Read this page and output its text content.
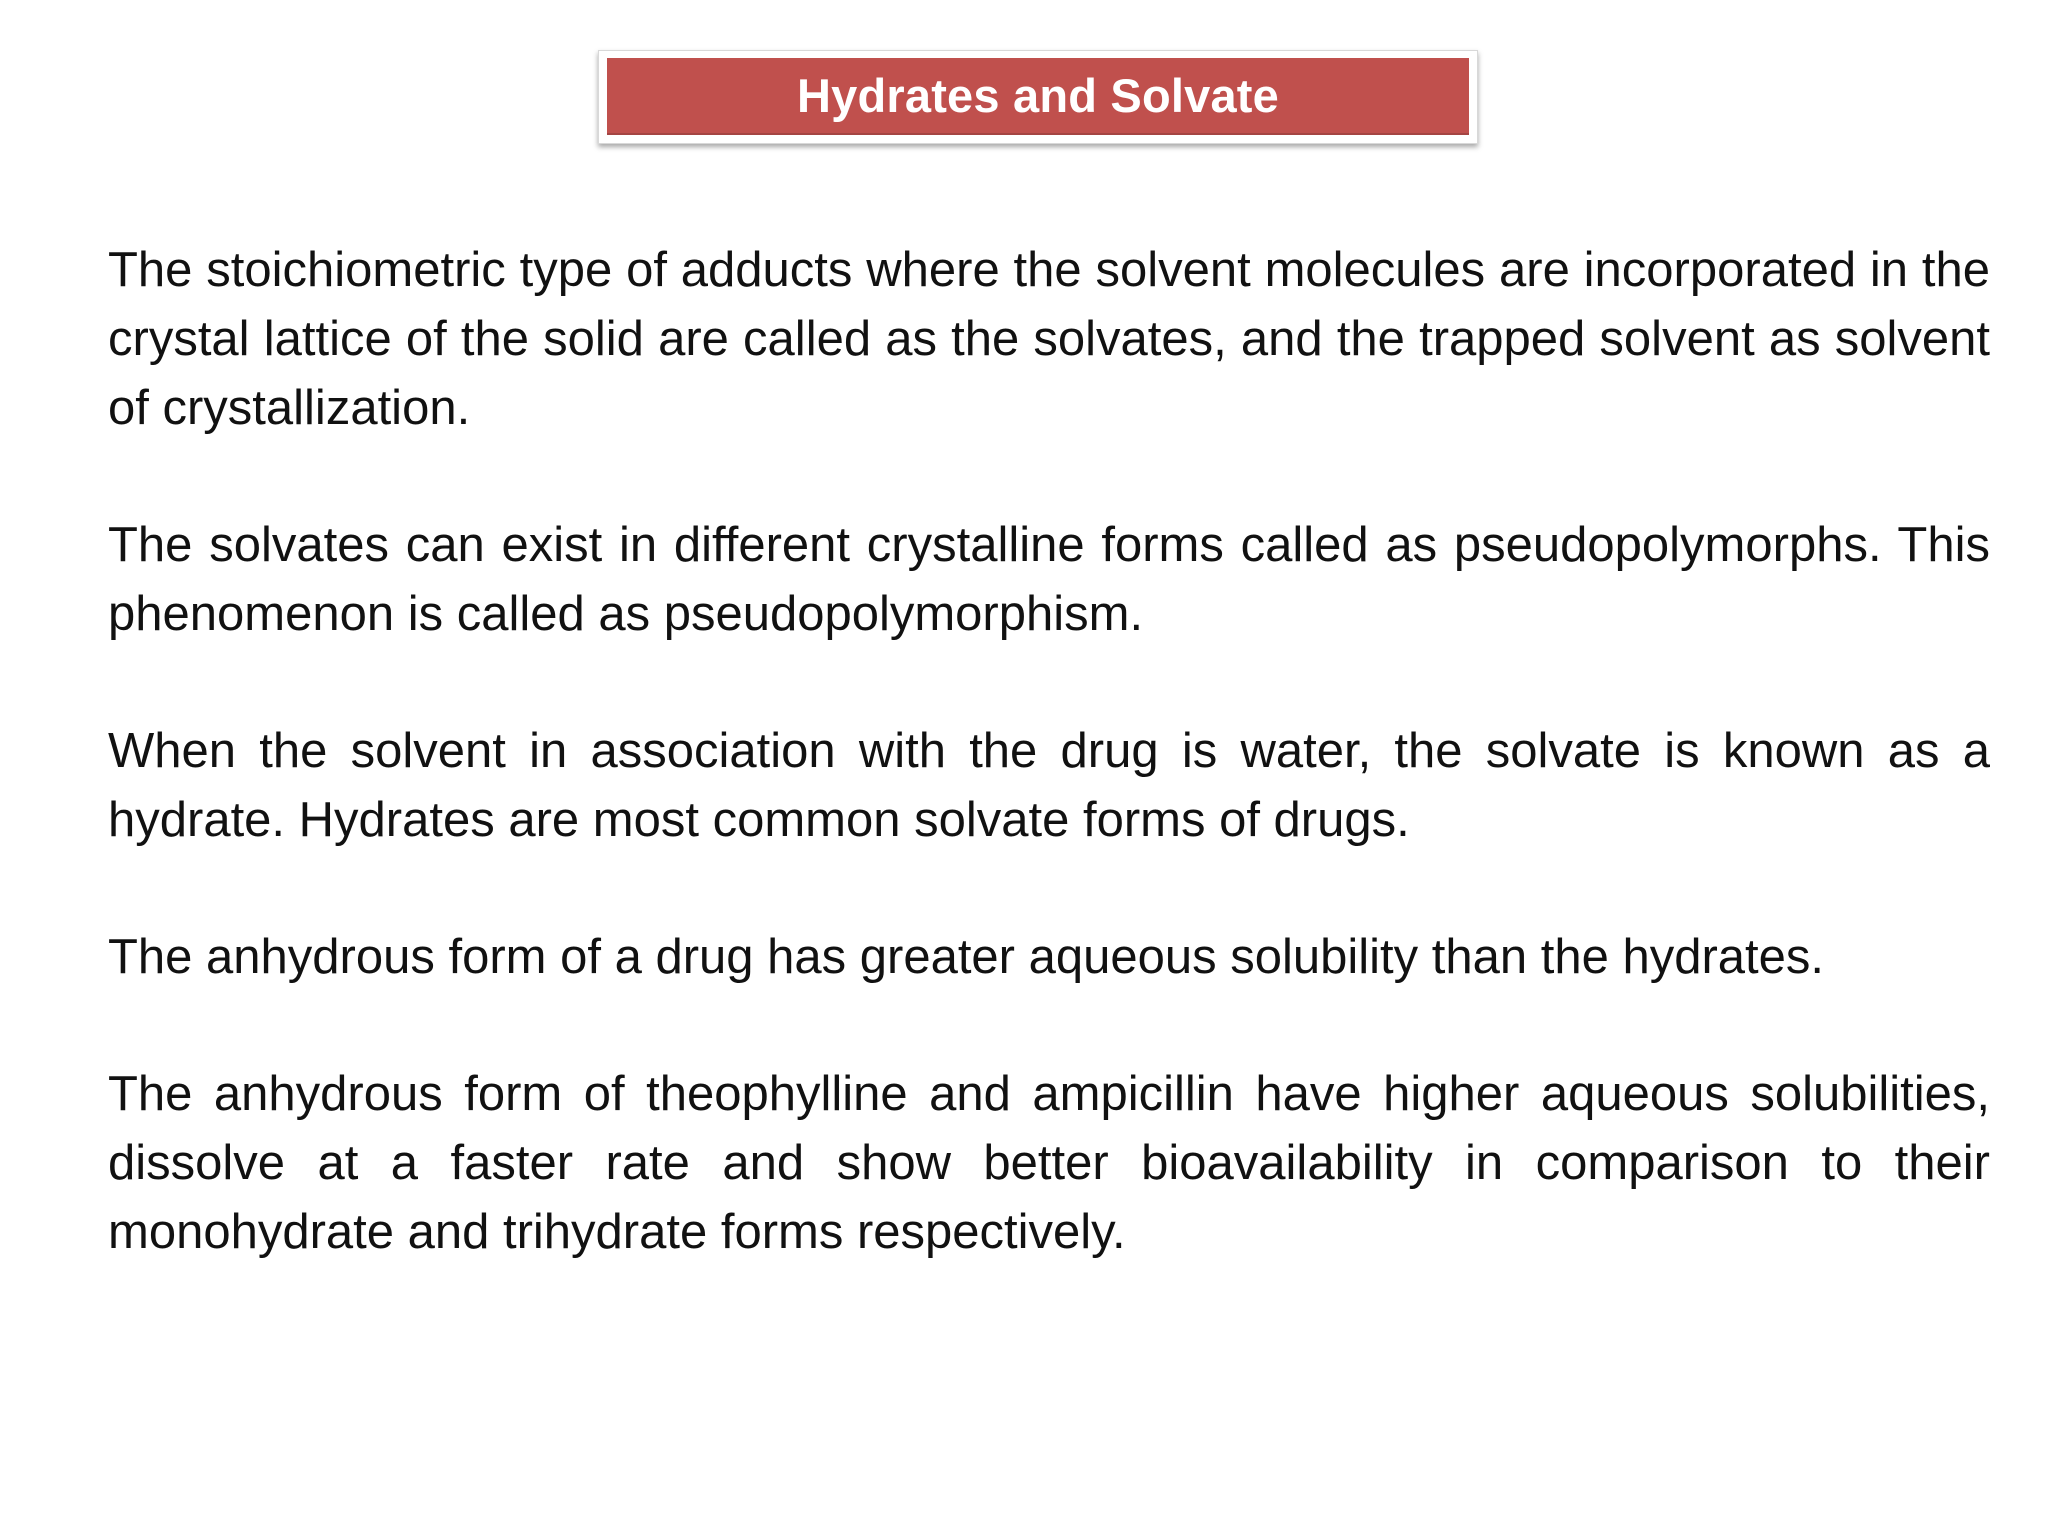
Hydrates and Solvate

The stoichiometric type of adducts where the solvent molecules are incorporated in the crystal lattice of the solid are called as the solvates, and the trapped solvent as solvent of crystallization.

The solvates can exist in different crystalline forms called as pseudopolymorphs. This phenomenon is called as pseudopolymorphism.

When the solvent in association with the drug is water, the solvate is known as a hydrate. Hydrates are most common solvate forms of drugs.

The anhydrous form of a drug has greater aqueous solubility than the hydrates.

The anhydrous form of theophylline and ampicillin have higher aqueous solubilities, dissolve at a faster rate and show better bioavailability in comparison to their monohydrate and trihydrate forms respectively.
